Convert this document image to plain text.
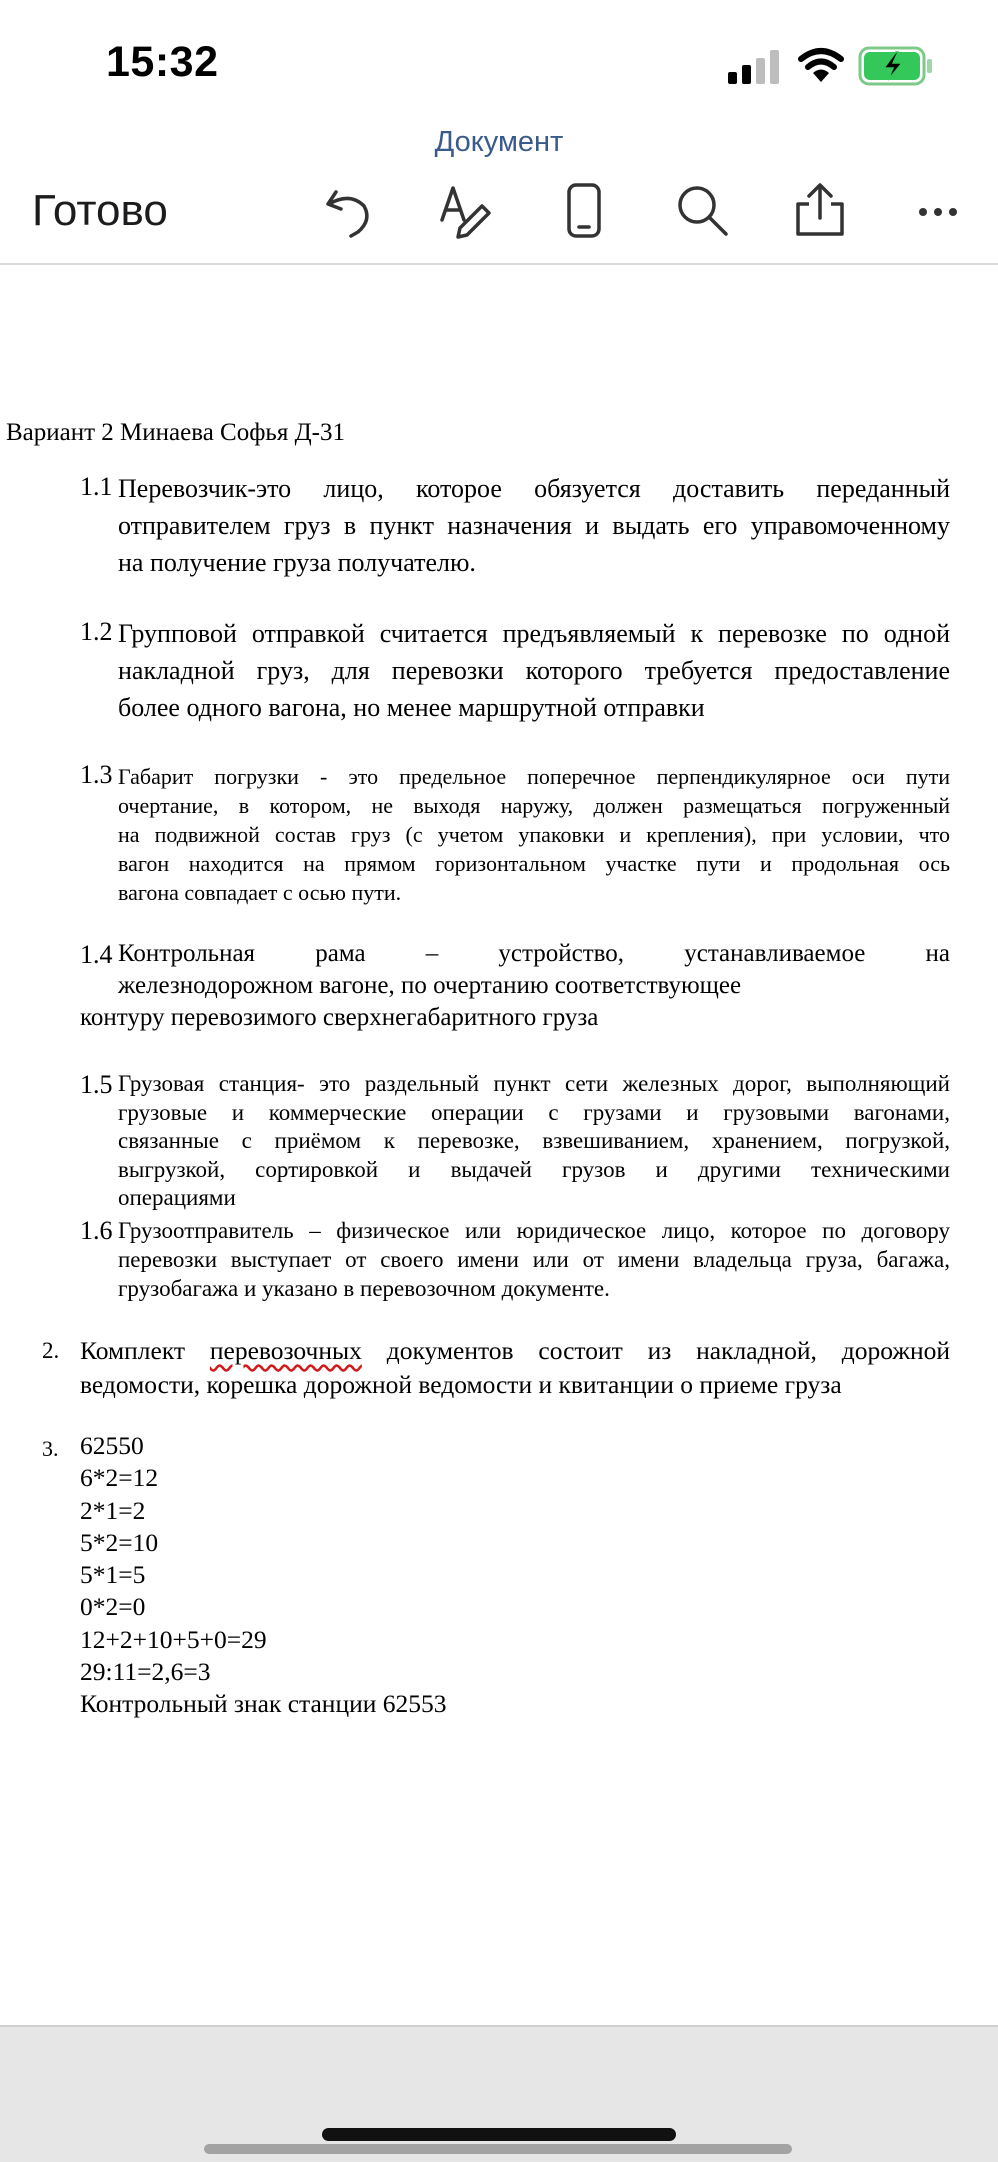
15:32
Документ
Готово
Вариант 2 Минаева Софья Д-31
1.1 Перевозчик-это лицо, которое обязуется доставить переданный
отправителем груз в пункт назначения и выдать его управомоченному
на получение груза получателю.
1.2 Групповой отправкой считается предъявляемый к перевозке по одной
накладной груз, для перевозки которого требуется предоставление
более одного вагона, но менее маршрутной отправки
1.3 Габарит погрузки - это предельное поперечное перпендикулярное оси пути
очертание, в котором, не выходя наружу, должен размещаться погруженный
на подвижной состав груз (с учетом упаковки и крепления), при условии, что
вагон находится на прямом горизонтальном участке пути и продольная ось
вагона совпадает с осью пути.
1.4 Контрольная рама – устройство, устанавливаемое на
железнодорожном вагоне, по очертанию соответствующее
контуру перевозимого сверхнегабаритного груза
1.5 Грузовая станция- это раздельный пункт сети железных дорог, выполняющий
грузовые и коммерческие операции с грузами и грузовыми вагонами,
связанные с приёмом к перевозке, взвешиванием, хранением, погрузкой,
выгрузкой, сортировкой и выдачей грузов и другими техническими
операциями
1.6 Грузоотправитель – физическое или юридическое лицо, которое по договору
перевозки выступает от своего имени или от имени владельца груза, багажа,
грузобагажа и указано в перевозочном документе.
2. Комплект перевозочных документов состоит из накладной, дорожной
ведомости, корешка дорожной ведомости и квитанции о приеме груза
3. 62550
6*2=12
2*1=2
5*2=10
5*1=5
0*2=0
12+2+10+5+0=29
29:11=2,6=3
Контрольный знак станции 62553
